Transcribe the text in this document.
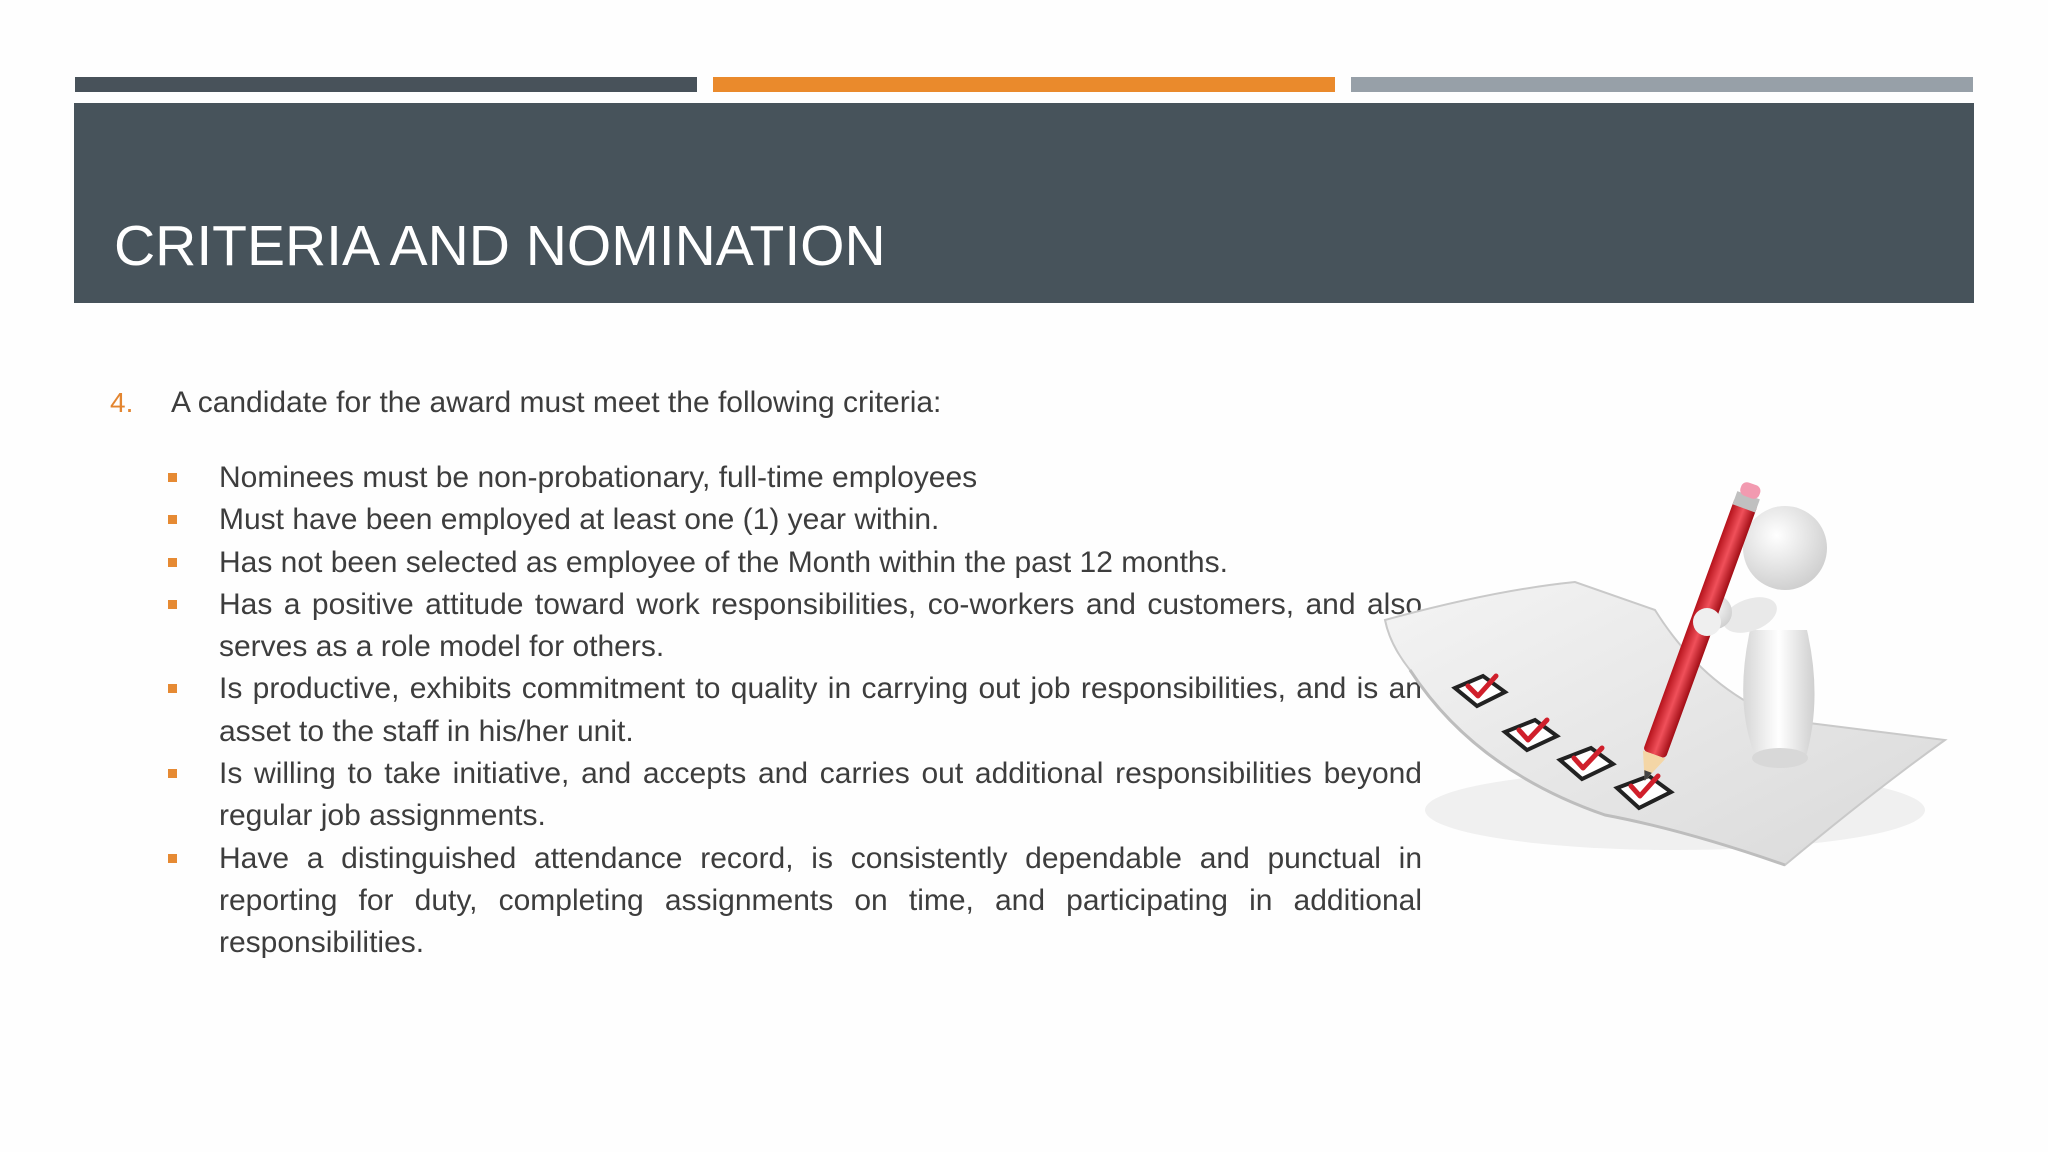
CRITERIA AND NOMINATION
4. A candidate for the award must meet the following criteria:
Nominees must be non-probationary, full-time employees
Must have been employed at least one (1) year within.
Has not been selected as employee of the Month within the past 12 months.
Has a positive attitude toward work responsibilities, co-workers and customers, and also serves as a role model for others.
Is productive, exhibits commitment to quality in carrying out job responsibilities, and is an asset to the staff in his/her unit.
Is willing to take initiative, and accepts and carries out additional responsibilities beyond regular job assignments.
Have a distinguished attendance record, is consistently dependable and punctual in reporting for duty, completing assignments on time, and participating in additional responsibilities.
